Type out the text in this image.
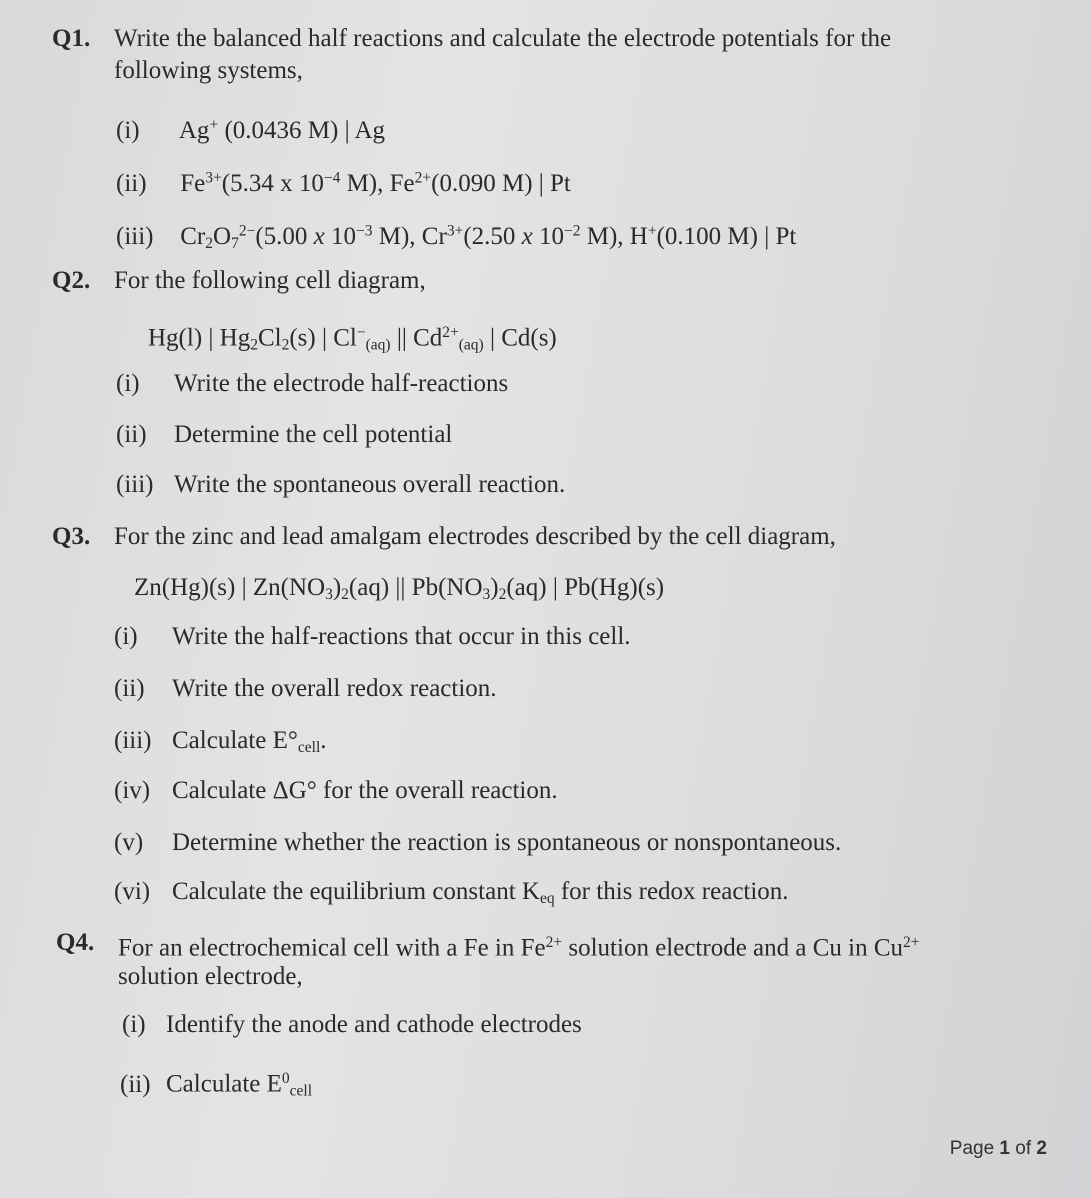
Q1. Write the balanced half reactions and calculate the electrode potentials for the
following systems,
(i) Ag+ (0.0436 M) | Ag
(ii) $Fe^{3+}(5.34$ x $10^{-4}$ M), $Fe^{2+}(0.090$ M) | Pt
(iii) $Cr_2O_7^{2-}(5.00$ x $10^{-3}$ M), $Cr^{3+}(2.50$ x $10^{-2}$ M), H+(0.100 M) | Pt
Q2. For the following cell diagram,
Hg(l) | $Hg_2Cl_2(s)$ | $Cl^-_{(aq)}$ || $Cd^{2+}_{(aq)}$ | Cd(s)
(i) Write the electrode half-reactions
(ii) Determine the cell potential
(iii) Write the spontaneous overall reaction.
Q3. For the zinc and lead amalgam electrodes described by the cell diagram,
Zn(Hg)(s) | $Zn(NO_3)_2(aq)$ || $Pb(NO_3)_2(aq)$ | Pb(Hg)(s)
(i) Write the half-reactions that occur in this cell.
(ii) Write the overall redox reaction.
(iii) Calculate $E^\circ_{cell}$.
(iv) Calculate ΔG° for the overall reaction.
(v) Determine whether the reaction is spontaneous or nonspontaneous.
(vi) Calculate the equilibrium constant $K_{eq}$ for this redox reaction.
Q4. For an electrochemical cell with a Fe in $Fe^{2+}$ solution electrode and a Cu in $Cu^{2+}$
solution electrode,
(i) Identify the anode and cathode electrodes
(ii) Calculate $E^0_{cell}$
Page 1 of 2
